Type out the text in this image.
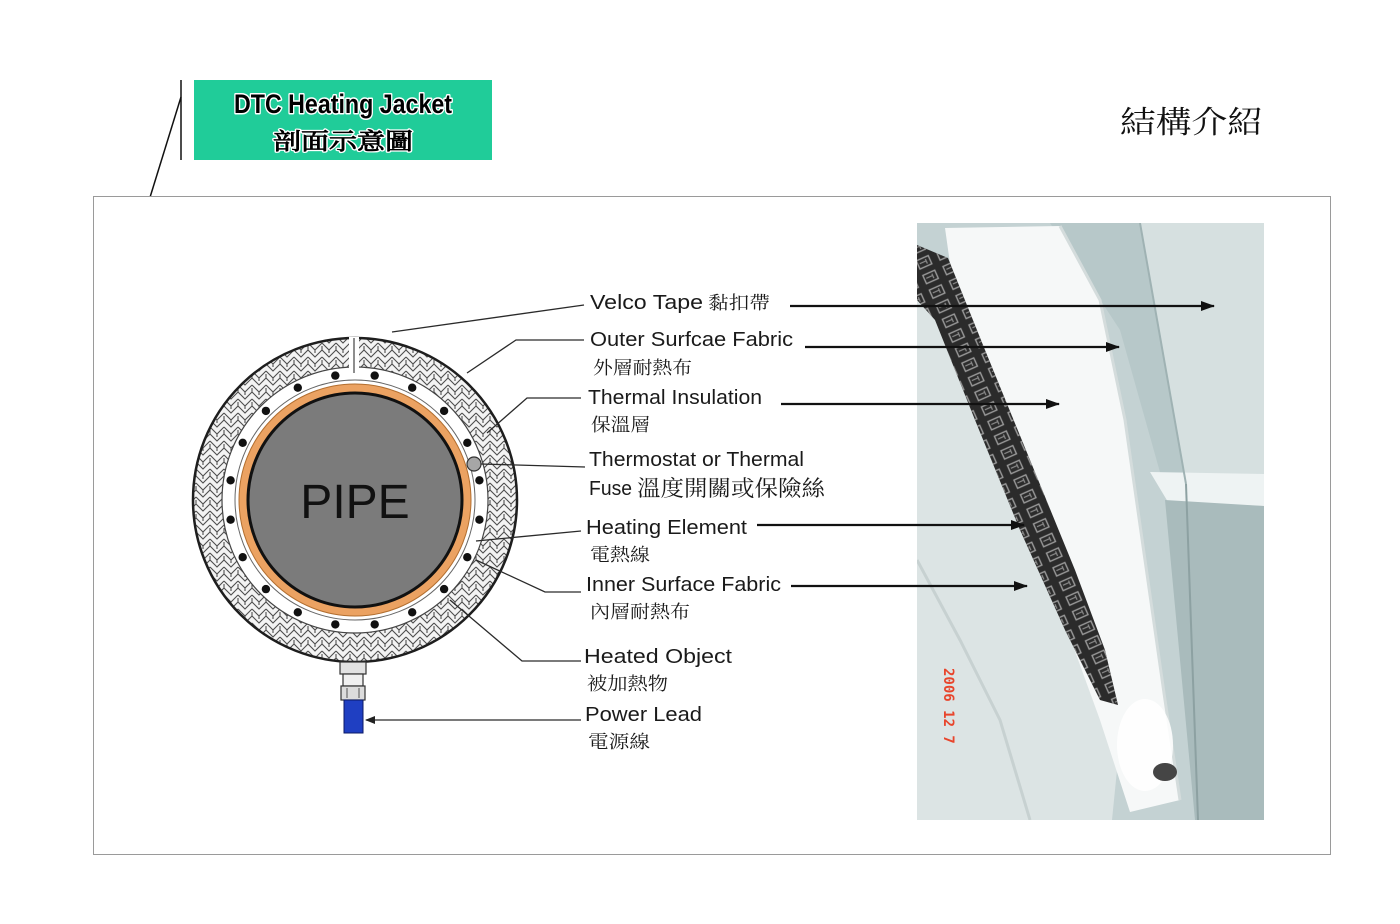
DTC Heating Jacket
剖面示意圖
結構介紹
PIPE
Velco Tape 黏扣帶
Outer Surfcae Fabric
外層耐熱布
Thermal Insulation
保溫層
Thermostat or Thermal
Fuse 溫度開關或保險絲
Heating Element
電熱線
Inner Surface Fabric
內層耐熱布
Heated Object
被加熱物
Power Lead
電源線	2006 12 7
